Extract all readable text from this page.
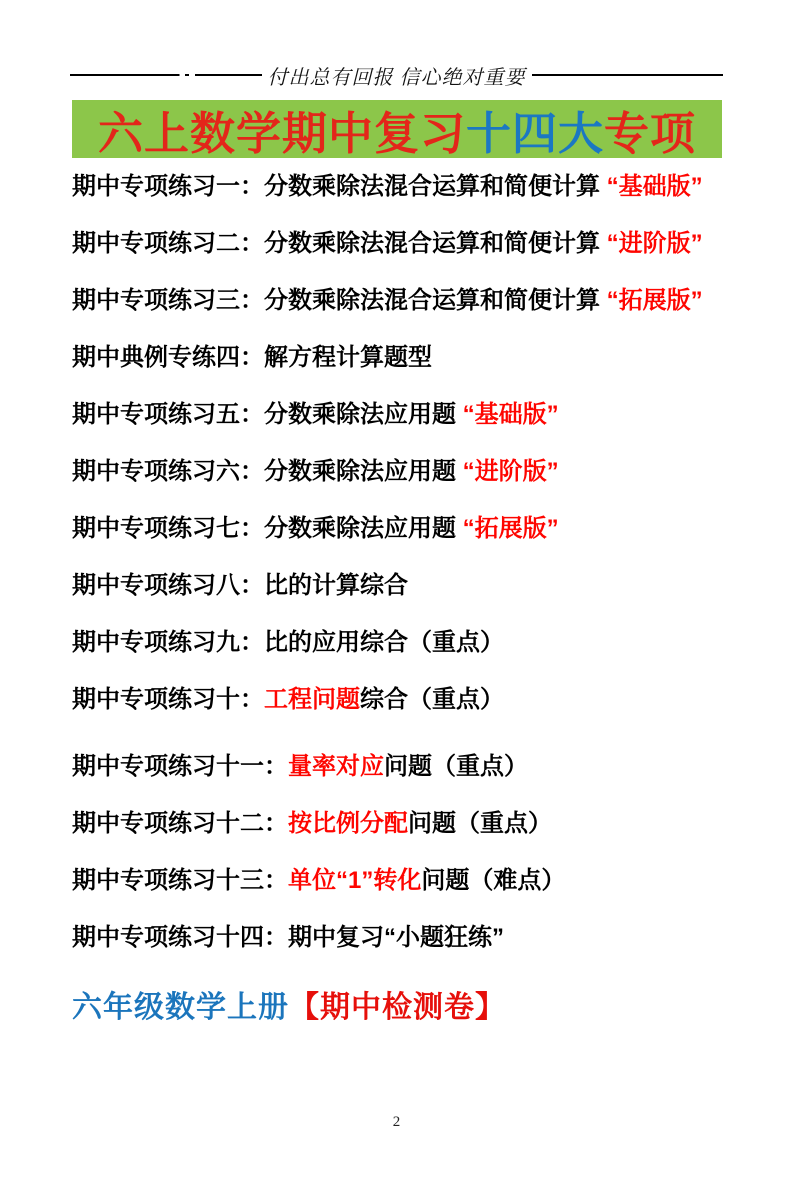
付出总有回报 信心绝对重要
六上数学期中复习 十四大 专项
期中专项练习一：分数乘除法混合运算和简便计算 “基础版”
期中专项练习二：分数乘除法混合运算和简便计算 “进阶版”
期中专项练习三：分数乘除法混合运算和简便计算 “拓展版”
期中典例专练四：解方程计算题型
期中专项练习五：分数乘除法应用题 “基础版”
期中专项练习六：分数乘除法应用题 “进阶版”
期中专项练习七：分数乘除法应用题 “拓展版”
期中专项练习八：比的计算综合
期中专项练习九：比的应用综合（重点）
期中专项练习十：工程问题综合（重点）
期中专项练习十一：量率对应问题（重点）
期中专项练习十二：按比例分配问题（重点）
期中专项练习十三：单位“1”转化问题（难点）
期中专项练习十四：期中复习“小题狂练”
六年级数学上册【期中检测卷】
2
